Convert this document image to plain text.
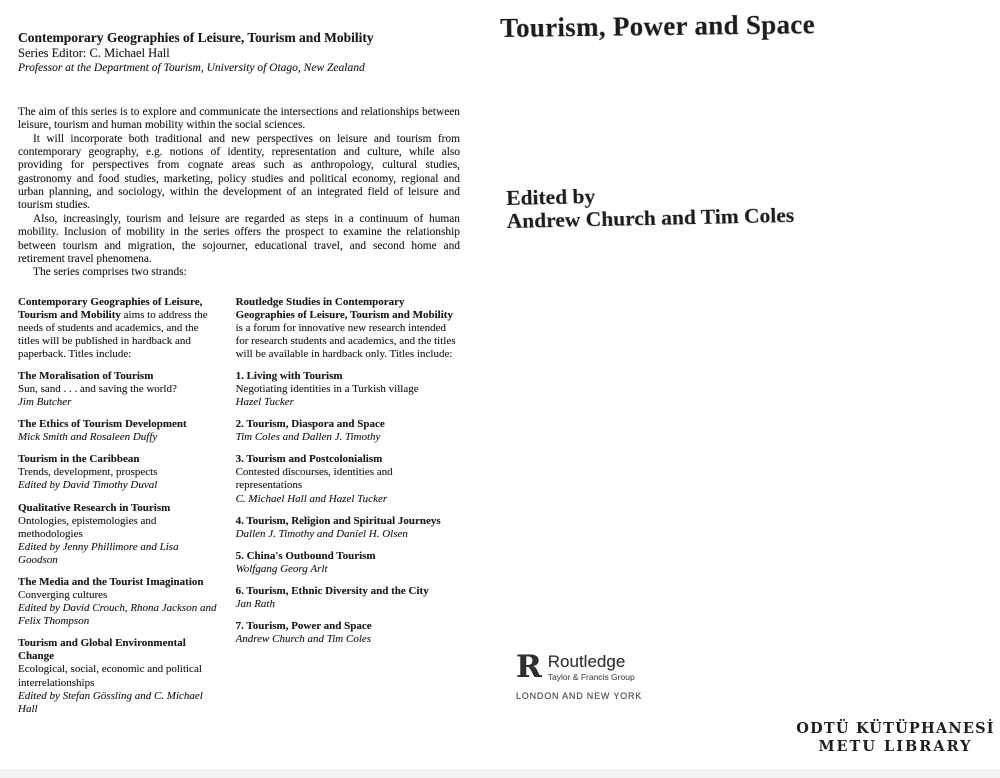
Contemporary Geographies of Leisure, Tourism and Mobility
Series Editor: C. Michael Hall
Professor at the Department of Tourism, University of Otago, New Zealand

The aim of this series is to explore and communicate the intersections and relationships between leisure, tourism and human mobility within the social sciences.

It will incorporate both traditional and new perspectives on leisure and tourism from contemporary geography, e.g. notions of identity, representation and culture, while also providing for perspectives from cognate areas such as anthropology, cultural studies, gastronomy and food studies, marketing, policy studies and political economy, regional and urban planning, and sociology, within the development of an integrated field of leisure and tourism studies.

Also, increasingly, tourism and leisure are regarded as steps in a continuum of human mobility. Inclusion of mobility in the series offers the prospect to examine the relationship between tourism and migration, the sojourner, educational travel, and second home and retirement travel phenomena.

The series comprises two strands:

Contemporary Geographies of Leisure, Tourism and Mobility aims to address the needs of students and academics, and the titles will be published in hardback and paperback. Titles include:

The Moralisation of Tourism
Sun, sand . . . and saving the world?
Jim Butcher
The Ethics of Tourism Development
Mick Smith and Rosaleen Duffy
Tourism in the Caribbean
Trends, development, prospects
Edited by David Timothy Duval
Qualitative Research in Tourism
Ontologies, epistemologies and methodologies
Edited by Jenny Phillimore and Lisa Goodson
The Media and the Tourist Imagination
Converging cultures
Edited by David Crouch, Rhona Jackson and Felix Thompson
Tourism and Global Environmental Change
Ecological, social, economic and political interrelationships
Edited by Stefan Gössling and C. Michael Hall

Routledge Studies in Contemporary Geographies of Leisure, Tourism and Mobility is a forum for innovative new research intended for research students and academics, and the titles will be available in hardback only. Titles include:

1. Living with Tourism
Negotiating identities in a Turkish village
Hazel Tucker
2. Tourism, Diaspora and Space
Tim Coles and Dallen J. Timothy
3. Tourism and Postcolonialism
Contested discourses, identities and representations
C. Michael Hall and Hazel Tucker
4. Tourism, Religion and Spiritual Journeys
Dallen J. Timothy and Daniel H. Olsen
5. China's Outbound Tourism
Wolfgang Georg Arlt
6. Tourism, Ethnic Diversity and the City
Jan Rath
7. Tourism, Power and Space
Andrew Church and Tim Coles
Tourism, Power and Space
Edited by
Andrew Church and Tim Coles
R Routledge
Taylor & Francis Group
LONDON AND NEW YORK
ODTÜ KÜTÜPHANESİ
METU LIBRARY
